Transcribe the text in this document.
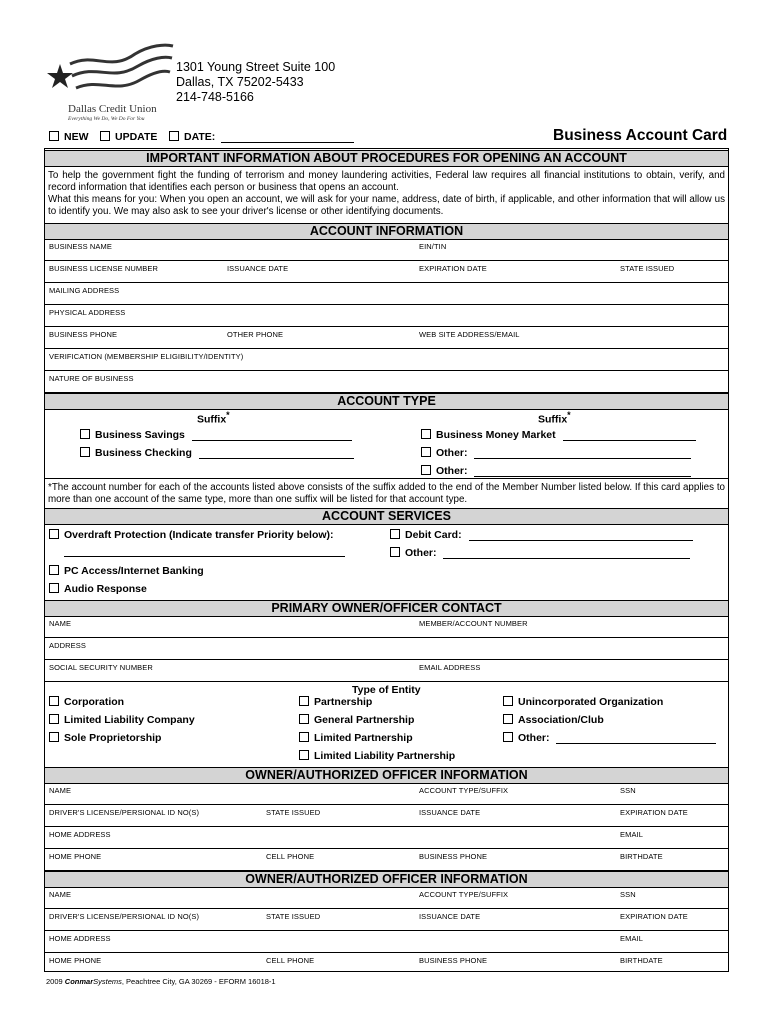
Dallas Credit Union
Everything We Do, We Do For You
1301 Young Street Suite 100
Dallas, TX 75202-5433
214-748-5166
NEW	UPDATE	DATE:	Business Account Card
IMPORTANT INFORMATION ABOUT PROCEDURES FOR OPENING AN ACCOUNT
To help the government fight the funding of terrorism and money laundering activities, Federal law requires all financial institutions to obtain, verify, and record information that identifies each person or business that opens an account.
What this means for you: When you open an account, we will ask for your name, address, date of birth, if applicable, and other information that will allow us to identify you. We may also ask to see your driver's license or other identifying documents.
ACCOUNT INFORMATION
BUSINESS NAME	EIN/TIN
BUSINESS LICENSE NUMBER	ISSUANCE DATE	EXPIRATION DATE	STATE ISSUED
MAILING ADDRESS
PHYSICAL ADDRESS
BUSINESS PHONE	OTHER PHONE	WEB SITE ADDRESS/EMAIL
VERIFICATION (MEMBERSHIP ELIGIBILITY/IDENTITY)
NATURE OF BUSINESS
ACCOUNT TYPE
Suffix*	Suffix*
Business Savings
Business Checking
Business Money Market
Other:
Other:
*The account number for each of the accounts listed above consists of the suffix added to the end of the Member Number listed below. If this card applies to more than one account of the same type, more than one suffix will be listed for that account type.
ACCOUNT SERVICES
Overdraft Protection (Indicate transfer Priority below):	Debit Card:
Other:
PC Access/Internet Banking
Audio Response
PRIMARY OWNER/OFFICER CONTACT
NAME	MEMBER/ACCOUNT NUMBER
ADDRESS
SOCIAL SECURITY NUMBER	EMAIL ADDRESS
Type of Entity
Corporation
Limited Liability Company
Sole Proprietorship
Partnership
General Partnership
Limited Partnership
Limited Liability Partnership
Unincorporated Organization
Association/Club
Other:
OWNER/AUTHORIZED OFFICER INFORMATION
NAME	ACCOUNT TYPE/SUFFIX	SSN
DRIVER'S LICENSE/PERSIONAL ID NO(S)	STATE ISSUED	ISSUANCE DATE	EXPIRATION DATE
HOME ADDRESS	EMAIL
HOME PHONE	CELL PHONE	BUSINESS PHONE	BIRTHDATE
OWNER/AUTHORIZED OFFICER INFORMATION
NAME	ACCOUNT TYPE/SUFFIX	SSN
DRIVER'S LICENSE/PERSIONAL ID NO(S)	STATE ISSUED	ISSUANCE DATE	EXPIRATION DATE
HOME ADDRESS	EMAIL
HOME PHONE	CELL PHONE	BUSINESS PHONE	BIRTHDATE
2009 ConmarSystems, Peachtree City, GA 30269 - EFORM 16018-1
